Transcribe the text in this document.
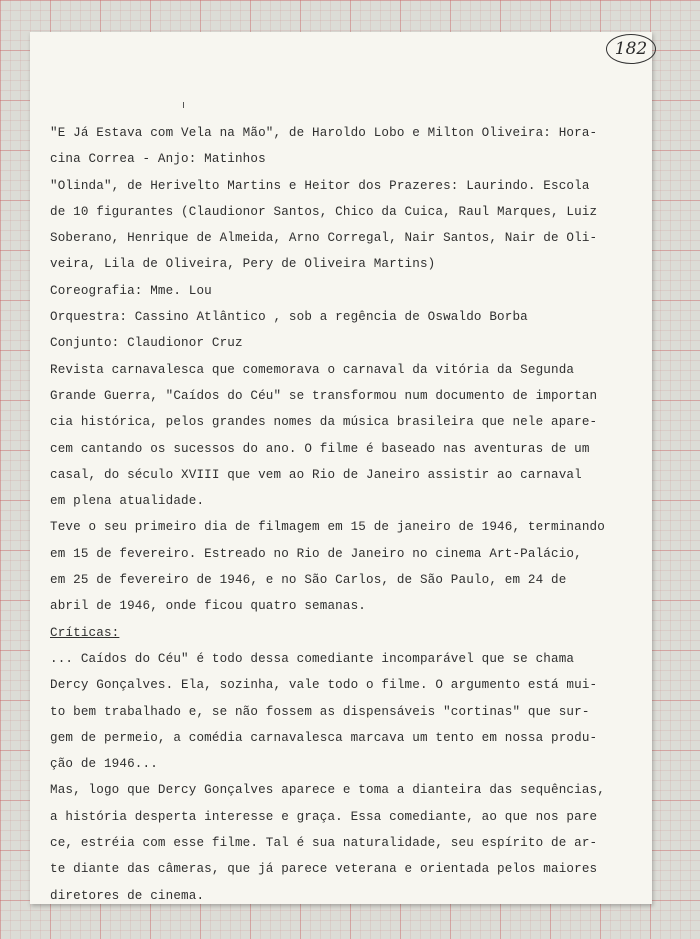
182
"E Já Estava com Vela na Mão", de Haroldo Lobo e Milton Oliveira: Hora-
cina Correa - Anjo: Matinhos
"Olinda", de Herivelto Martins e Heitor dos Prazeres: Laurindo. Escola
de 10 figurantes (Claudionor Santos, Chico da Cuica, Raul Marques, Luiz
Soberano, Henrique de Almeida, Arno Corregal, Nair Santos, Nair de Oli-
veira, Lila de Oliveira, Pery de Oliveira Martins)
Coreografia: Mme. Lou
Orquestra: Cassino Atlântico , sob a regência de Oswaldo Borba
Conjunto: Claudionor Cruz
Revista carnavalesca que comemorava o carnaval da vitória da Segunda
Grande Guerra, "Caídos do Céu" se transformou num documento de importan
cia histórica, pelos grandes nomes da música brasileira que nele apare-
cem cantando os sucessos do ano. O filme é baseado nas aventuras de um
casal, do século XVIII que vem ao Rio de Janeiro assistir ao carnaval
em plena atualidade.
Teve o seu primeiro dia de filmagem em 15 de janeiro de 1946, terminando
em 15 de fevereiro. Estreado no Rio de Janeiro no cinema Art-Palácio,
em 25 de fevereiro de 1946, e no São Carlos, de São Paulo, em 24 de
abril de 1946, onde ficou quatro semanas.
Críticas:
... Caídos do Céu" é todo dessa comediante incomparável que se chama
Dercy Gonçalves. Ela, sozinha, vale todo o filme. O argumento está mui-
to bem trabalhado e, se não fossem as dispensáveis "cortinas" que sur-
gem de permeio, a comédia carnavalesca marcava um tento em nossa produ-
ção de 1946...
Mas, logo que Dercy Gonçalves aparece e toma a dianteira das sequências,
a história desperta interesse e graça. Essa comediante, ao que nos pare
ce, estréia com esse filme. Tal é sua naturalidade, seu espírito de ar-
te diante das câmeras, que já parece veterana e orientada pelos maiores
diretores de cinema.
